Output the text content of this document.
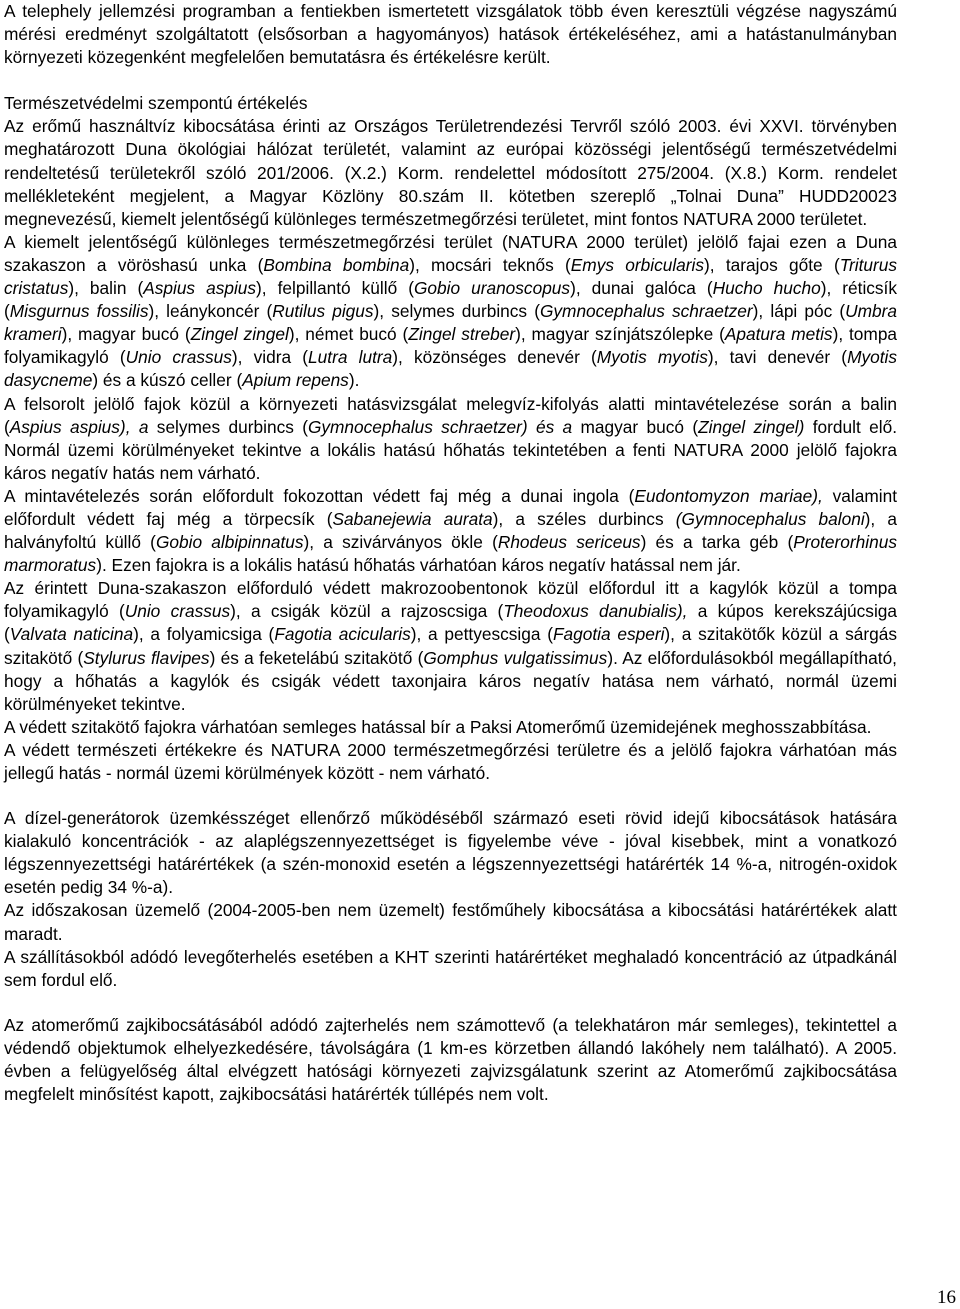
A telephely jellemzési programban a fentiekben ismertetett vizsgálatok több éven keresztüli végzése nagyszámú mérési eredményt szolgáltatott (elsősorban a hagyományos) hatások értékeléséhez, ami a hatástanulmányban környezeti közegenként megfelelően bemutatásra és értékelésre került.

Természetvédelmi szempontú értékelés

Az erőmű használtvíz kibocsátása érinti az Országos Területrendezési Tervről szóló 2003. évi XXVI. törvényben meghatározott Duna ökológiai hálózat területét, valamint az európai közösségi jelentőségű természetvédelmi rendeltetésű területekről szóló 201/2006. (X.2.) Korm. rendelettel módosított 275/2004. (X.8.) Korm. rendelet mellékleteként megjelent, a Magyar Közlöny 80.szám II. kötetben szereplő „Tolnai Duna” HUDD20023 megnevezésű, kiemelt jelentőségű különleges természetmegőrzési területet, mint fontos NATURA 2000 területet.

A kiemelt jelentőségű különleges természetmegőrzési terület (NATURA 2000 terület) jelölő fajai ezen a Duna szakaszon a vöröshasú unka (Bombina bombina), mocsári teknős (Emys orbicularis), tarajos gőte (Triturus cristatus), balin (Aspius aspius), felpillantó küllő (Gobio uranoscopus), dunai galóca (Hucho hucho), réticsík (Misgurnus fossilis), leánykoncér (Rutilus pigus), selymes durbincs (Gymnocephalus schraetzer), lápi póc (Umbra krameri), magyar bucó (Zingel zingel), német bucó (Zingel streber), magyar színjátszólepke (Apatura metis), tompa folyamikagyló (Unio crassus), vidra (Lutra lutra), közönséges denevér (Myotis myotis), tavi denevér (Myotis dasycneme) és a kúszó celler (Apium repens).

A felsorolt jelölő fajok közül a környezeti hatásvizsgálat melegvíz-kifolyás alatti mintavételezése során a balin (Aspius aspius), a selymes durbincs (Gymnocephalus schraetzer) és a magyar bucó (Zingel zingel) fordult elő. Normál üzemi körülményeket tekintve a lokális hatású hőhatás tekintetében a fenti NATURA 2000 jelölő fajokra káros negatív hatás nem várható.

A mintavételezés során előfordult fokozottan védett faj még a dunai ingola (Eudontomyzon mariae), valamint előfordult védett faj még a törpecsík (Sabanejewia aurata), a széles durbincs (Gymnocephalus baloni), a halványfoltú küllő (Gobio albipinnatus), a szivárványos ökle (Rhodeus sericeus) és a tarka géb (Proterorhinus marmoratus). Ezen fajokra is a lokális hatású hőhatás várhatóan káros negatív hatással nem jár.

Az érintett Duna-szakaszon előforduló védett makrozoobentonok közül előfordul itt a kagylók közül a tompa folyamikagyló (Unio crassus), a csigák közül a rajzoscsiga (Theodoxus danubialis), a kúpos kerekszájúcsiga (Valvata naticina), a folyamicsiga (Fagotia acicularis), a pettyescsiga (Fagotia esperi), a szitakötők közül a sárgás szitakötő (Stylurus flavipes) és a feketelábú szitakötő (Gomphus vulgatissimus). Az előfordulásokból megállapítható, hogy a hőhatás a kagylók és csigák védett taxonjaira káros negatív hatása nem várható, normál üzemi körülményeket tekintve.

A védett szitakötő fajokra várhatóan semleges hatással bír a Paksi Atomerőmű üzemidejének meghosszabbítása.

A védett természeti értékekre és NATURA 2000 természetmegőrzési területre és a jelölő fajokra várhatóan más jellegű hatás - normál üzemi körülmények között - nem várható.

A dízel-generátorok üzemkésszéget ellenőrző működéséből származó eseti rövid idejű kibocsátások hatására kialakuló koncentrációk - az alaplégszennyezettséget is figyelembe véve - jóval kisebbek, mint a vonatkozó légszennyezettségi határértékek (a szén-monoxid esetén a légszennyezettségi határérték 14 %-a, nitrogén-oxidok esetén pedig 34 %-a).

Az időszakosan üzemelő (2004-2005-ben nem üzemelt) festőműhely kibocsátása a kibocsátási határértékek alatt maradt.

A szállításokból adódó levegőterhelés esetében a KHT szerinti határértéket meghaladó koncentráció az útpadkánál sem fordul elő.

Az atomerőmű zajkibocsátásából adódó zajterhelés nem számottevő (a telekhatáron már semleges), tekintettel a védendő objektumok elhelyezkedésére, távolságára (1 km-es körzetben állandó lakóhely nem található). A 2005. évben a felügyelőség által elvégzett hatósági környezeti zajvizsgálatunk szerint az Atomerőmű zajkibocsátása megfelelt minősítést kapott, zajkibocsátási határérték túllépés nem volt.

16
